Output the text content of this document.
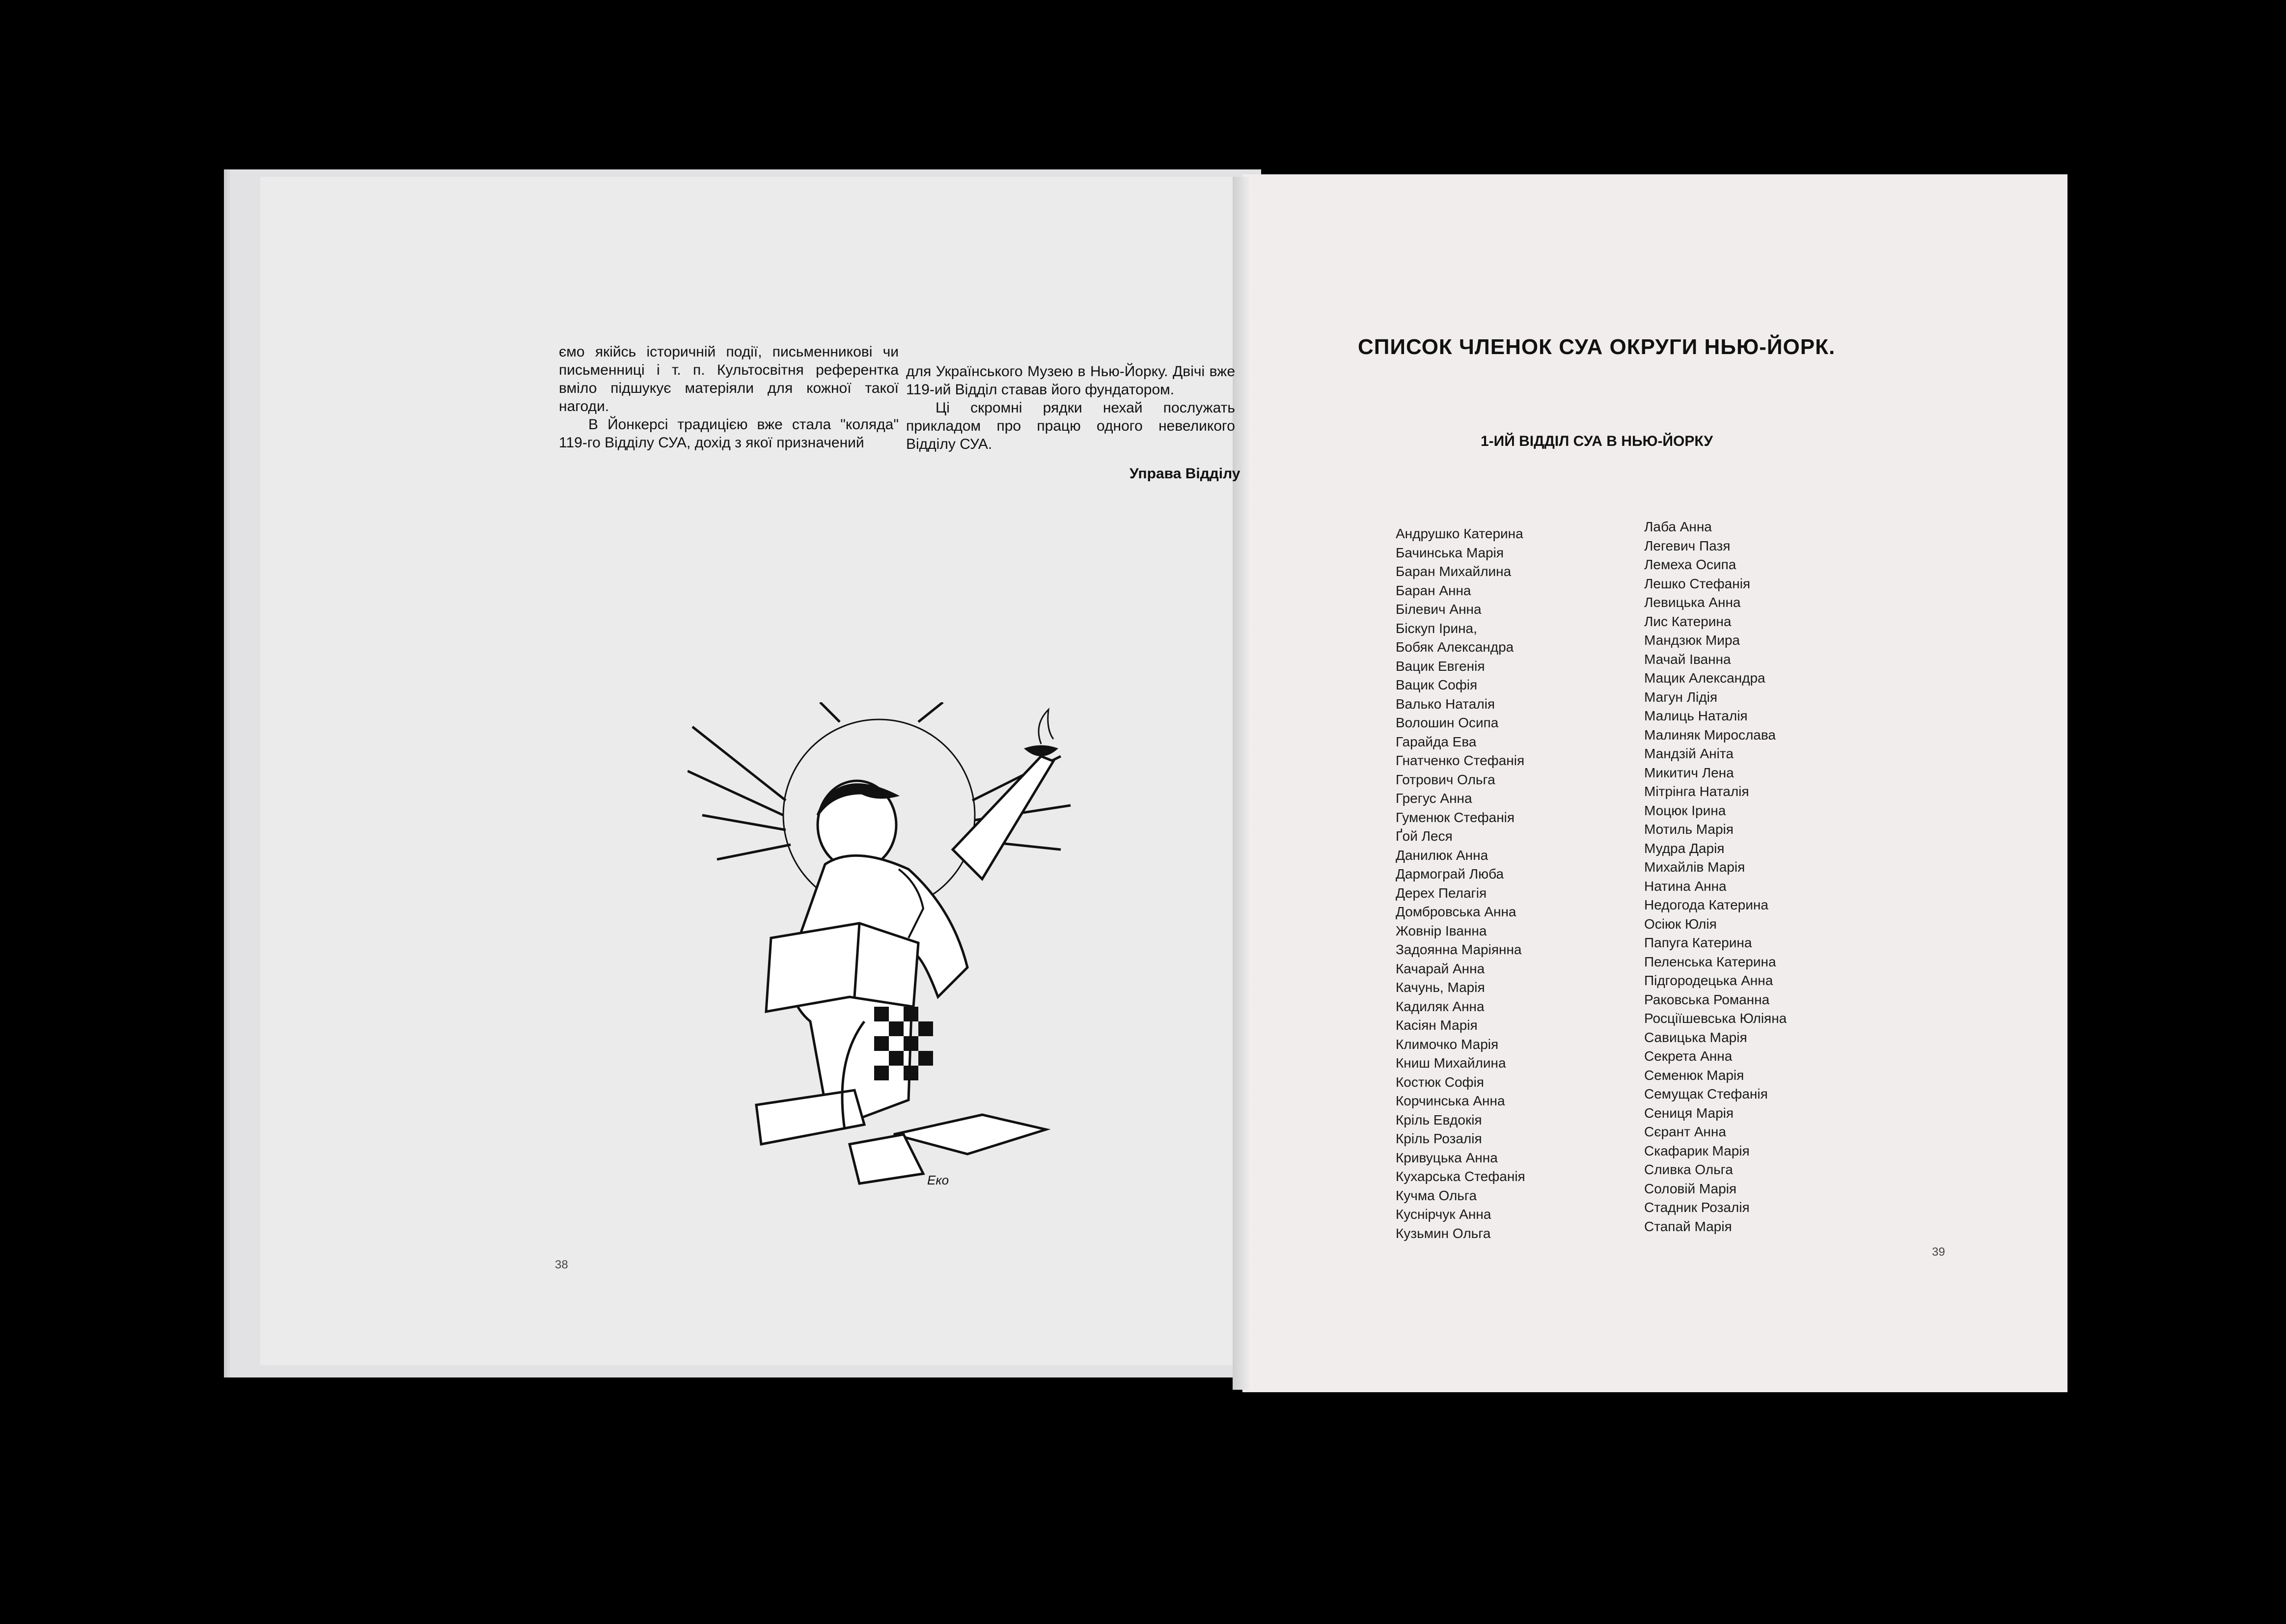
ємо якійсь історичній події, письменникові чи письменниці і т. п. Культосвітня референтка вміло підшукує матеріяли для кожної такої нагоди.

В Йонкерсі традицією вже стала "коляда" 119-го Відділу СУА, дохід з якої призначений

для Українського Музею в Нью-Йорку. Двічі вже 119-ий Відділ ставав його фундатором.

Ці скромні рядки нехай послужать прикладом про працю одного невеликого Відділу СУА.

Управа Відділу
Еко
38
СПИСОК ЧЛЕНОК СУА ОКРУГИ НЬЮ-ЙОРК.
1-ИЙ ВІДДІЛ СУА В НЬЮ-ЙОРКУ
Андрушко Катерина
Бачинська Марія
Баран Михайлина
Баран Анна
Білевич Анна
Біскуп Ірина,
Бобяк Александра
Вацик Евгенія
Вацик Софія
Валько Наталія
Волошин Осипа
Гарайда Ева
Гнатченко Стефанія
Готрович Ольга
Грегус Анна
Гуменюк Стефанія
Ґой Леся
Данилюк Анна
Дармограй Люба
Дерех Пелагія
Домбровська Анна
Жовнір Іванна
Задоянна Маріянна
Качарай Анна
Качунь, Марія
Кадиляк Анна
Касіян Марія
Климочко Марія
Книш Михайлина
Костюк Софія
Корчинська Анна
Кріль Евдокія
Кріль Розалія
Кривуцька Анна
Кухарська Стефанія
Кучма Ольга
Куснірчук Анна
Кузьмин Ольга
Лаба Анна
Легевич Пазя
Лемеха Осипа
Лешко Стефанія
Левицька Анна
Лис Катерина
Мандзюк Мира
Мачай Іванна
Мацик Александра
Магун Лідія
Малиць Наталія
Малиняк Мирослава
Мандзій Аніта
Микитич Лена
Мітрінга Наталія
Моцюк Ірина
Мотиль Марія
Мудра Дарія
Михайлів Марія
Натина Анна
Недогода Катерина
Осіюк Юлія
Папуга Катерина
Пеленська Катерина
Підгородецька Анна
Раковська Романна
Росціїшевська Юліяна
Савицька Марія
Секрета Анна
Семенюк Марія
Семущак Стефанія
Сениця Марія
Сєрант Анна
Скафарик Марія
Сливка Ольга
Соловій Марія
Стадник Розалія
Стапай Марія
39
